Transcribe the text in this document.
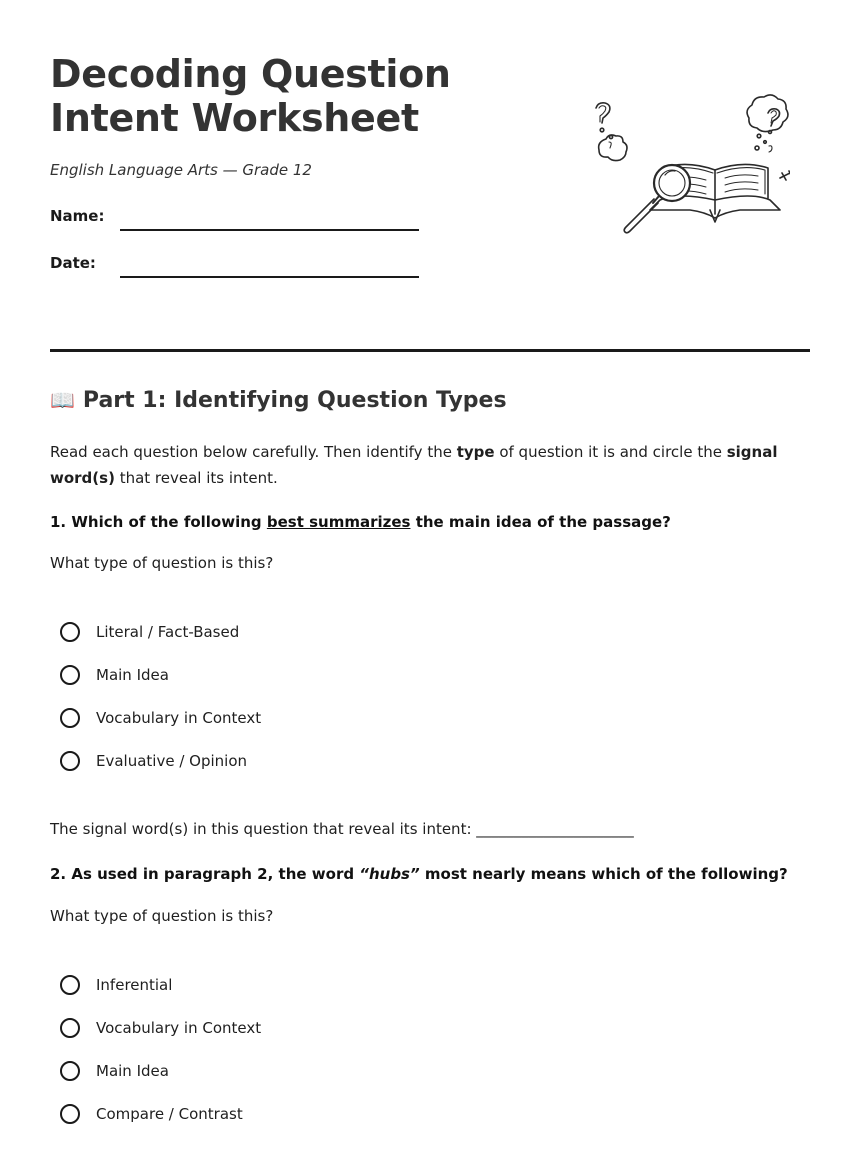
Decoding Question
Intent Worksheet
English Language Arts — Grade 12
Name:
Date:
📖 Part 1: Identifying Question Types

Read each question below carefully. Then identify the type of question it is and circle the signal word(s) that reveal its intent.

1. Which of the following best summarizes the main idea of the passage?
What type of question is this?
Literal / Fact-Based
Main Idea
Vocabulary in Context
Evaluative / Opinion
The signal word(s) in this question that reveal its intent: _____________________
2. As used in paragraph 2, the word “hubs” most nearly means which of the following?
What type of question is this?
Inferential
Vocabulary in Context
Main Idea
Compare / Contrast
